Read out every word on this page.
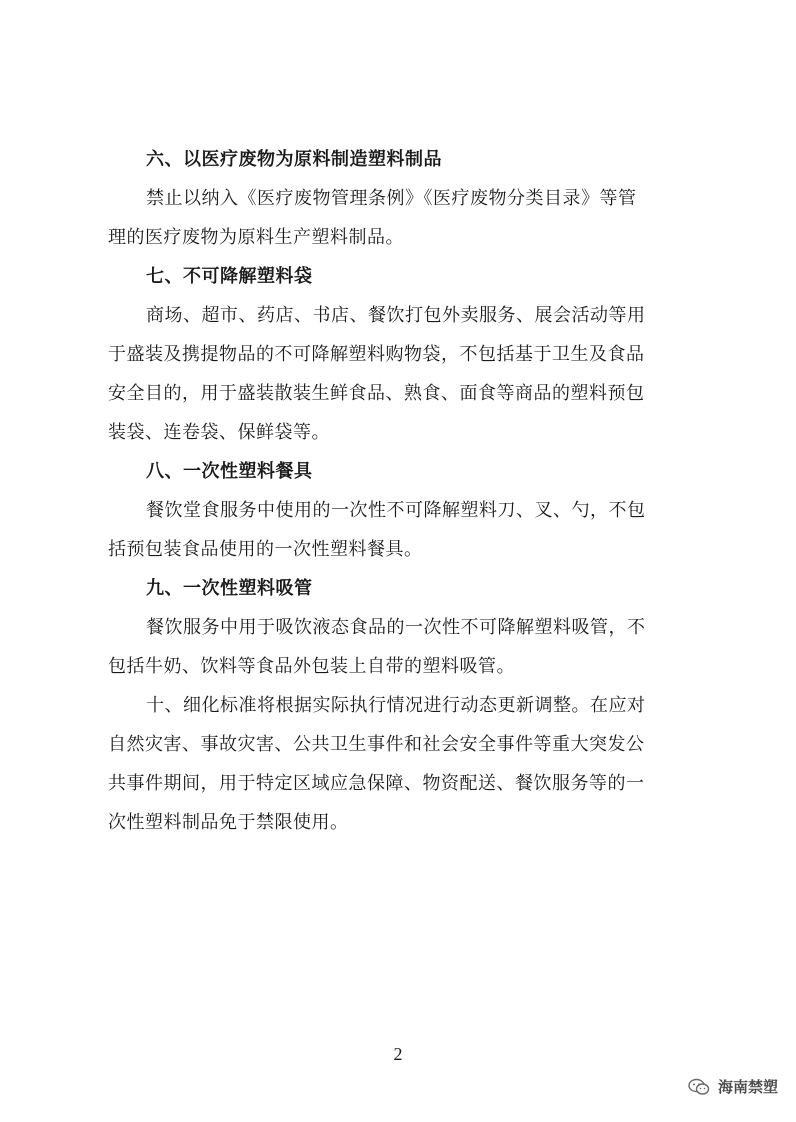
六、以医疗废物为原料制造塑料制品
禁止以纳入《医疗废物管理条例》《医疗废物分类目录》等管
理的医疗废物为原料生产塑料制品。
七、不可降解塑料袋
商场、超市、药店、书店、餐饮打包外卖服务、展会活动等用
于盛装及携提物品的不可降解塑料购物袋，不包括基于卫生及食品
安全目的，用于盛装散装生鲜食品、熟食、面食等商品的塑料预包
装袋、连卷袋、保鲜袋等。
八、一次性塑料餐具
餐饮堂食服务中使用的一次性不可降解塑料刀、叉、勺，不包
括预包装食品使用的一次性塑料餐具。
九、一次性塑料吸管
餐饮服务中用于吸饮液态食品的一次性不可降解塑料吸管，不
包括牛奶、饮料等食品外包装上自带的塑料吸管。
十、细化标准将根据实际执行情况进行动态更新调整。在应对
自然灾害、事故灾害、公共卫生事件和社会安全事件等重大突发公
共事件期间，用于特定区域应急保障、物资配送、餐饮服务等的一
次性塑料制品免于禁限使用。
2
海南禁塑
